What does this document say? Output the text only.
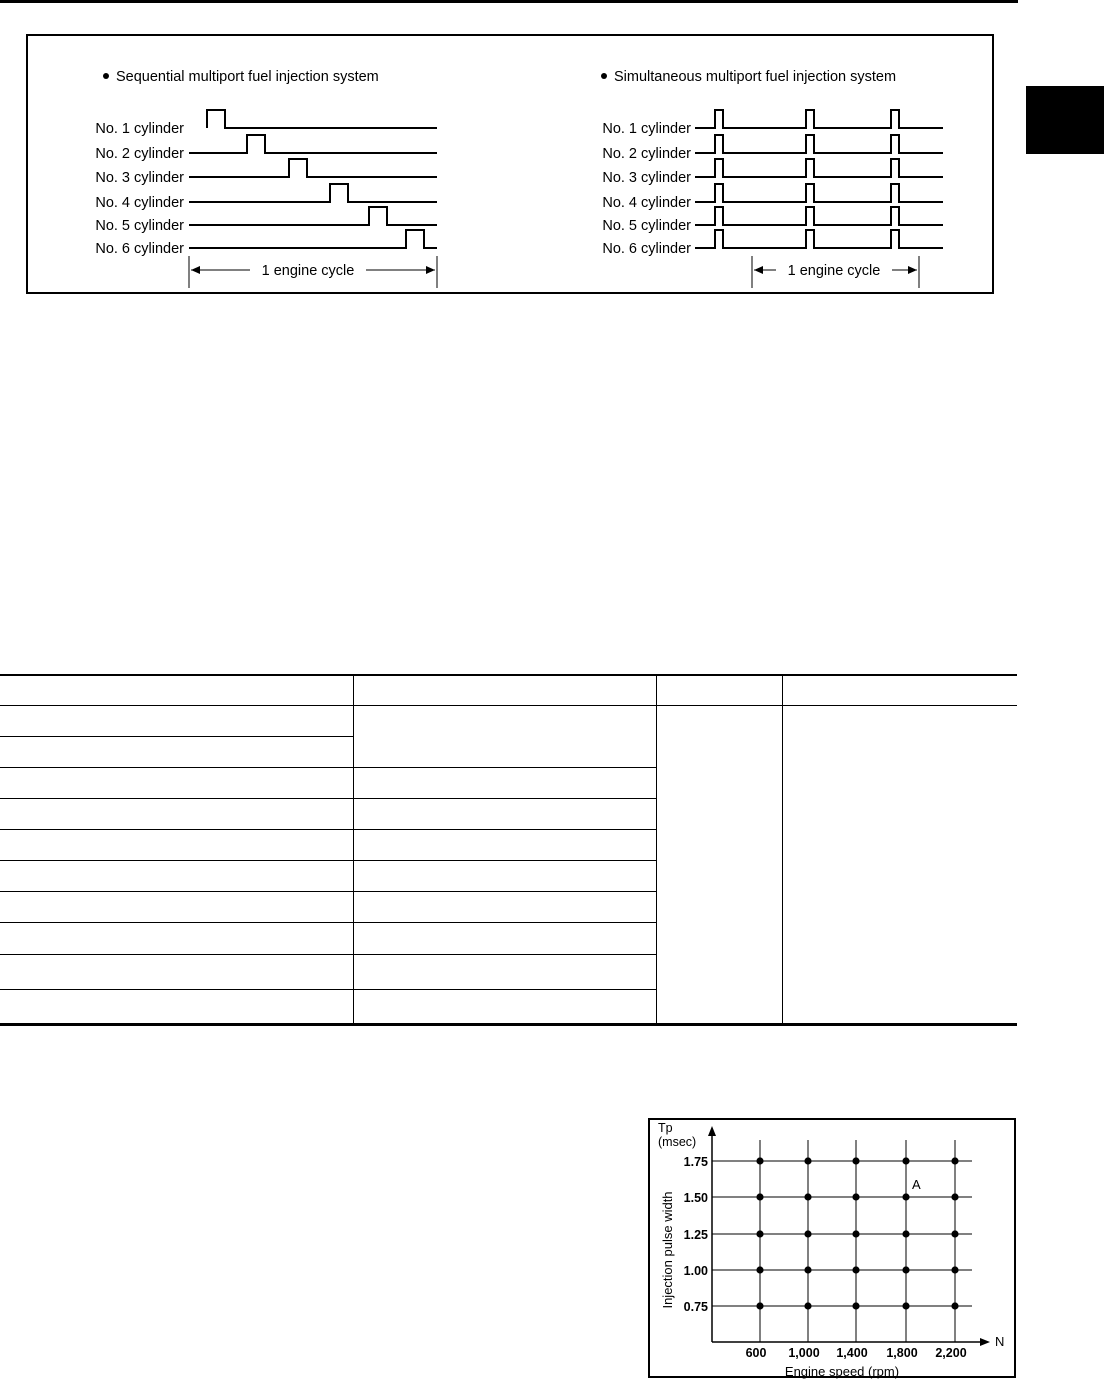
Sequential multiport fuel injection system	Simultaneous multiport fuel injection system
No. 1 cylinder
No. 2 cylinder
No. 3 cylinder
No. 4 cylinder
No. 5 cylinder
No. 6 cylinder
No. 1 cylinder
No. 2 cylinder
No. 3 cylinder
No. 4 cylinder
No. 5 cylinder
No. 6 cylinder
1 engine cycle	1 engine cycle
Tp
(msec)
Injection pulse width
Engine speed (rpm)
N
0.75
1.00
1.25
1.50
1.75
600 1,000 1,400 1,800 2,200
A
